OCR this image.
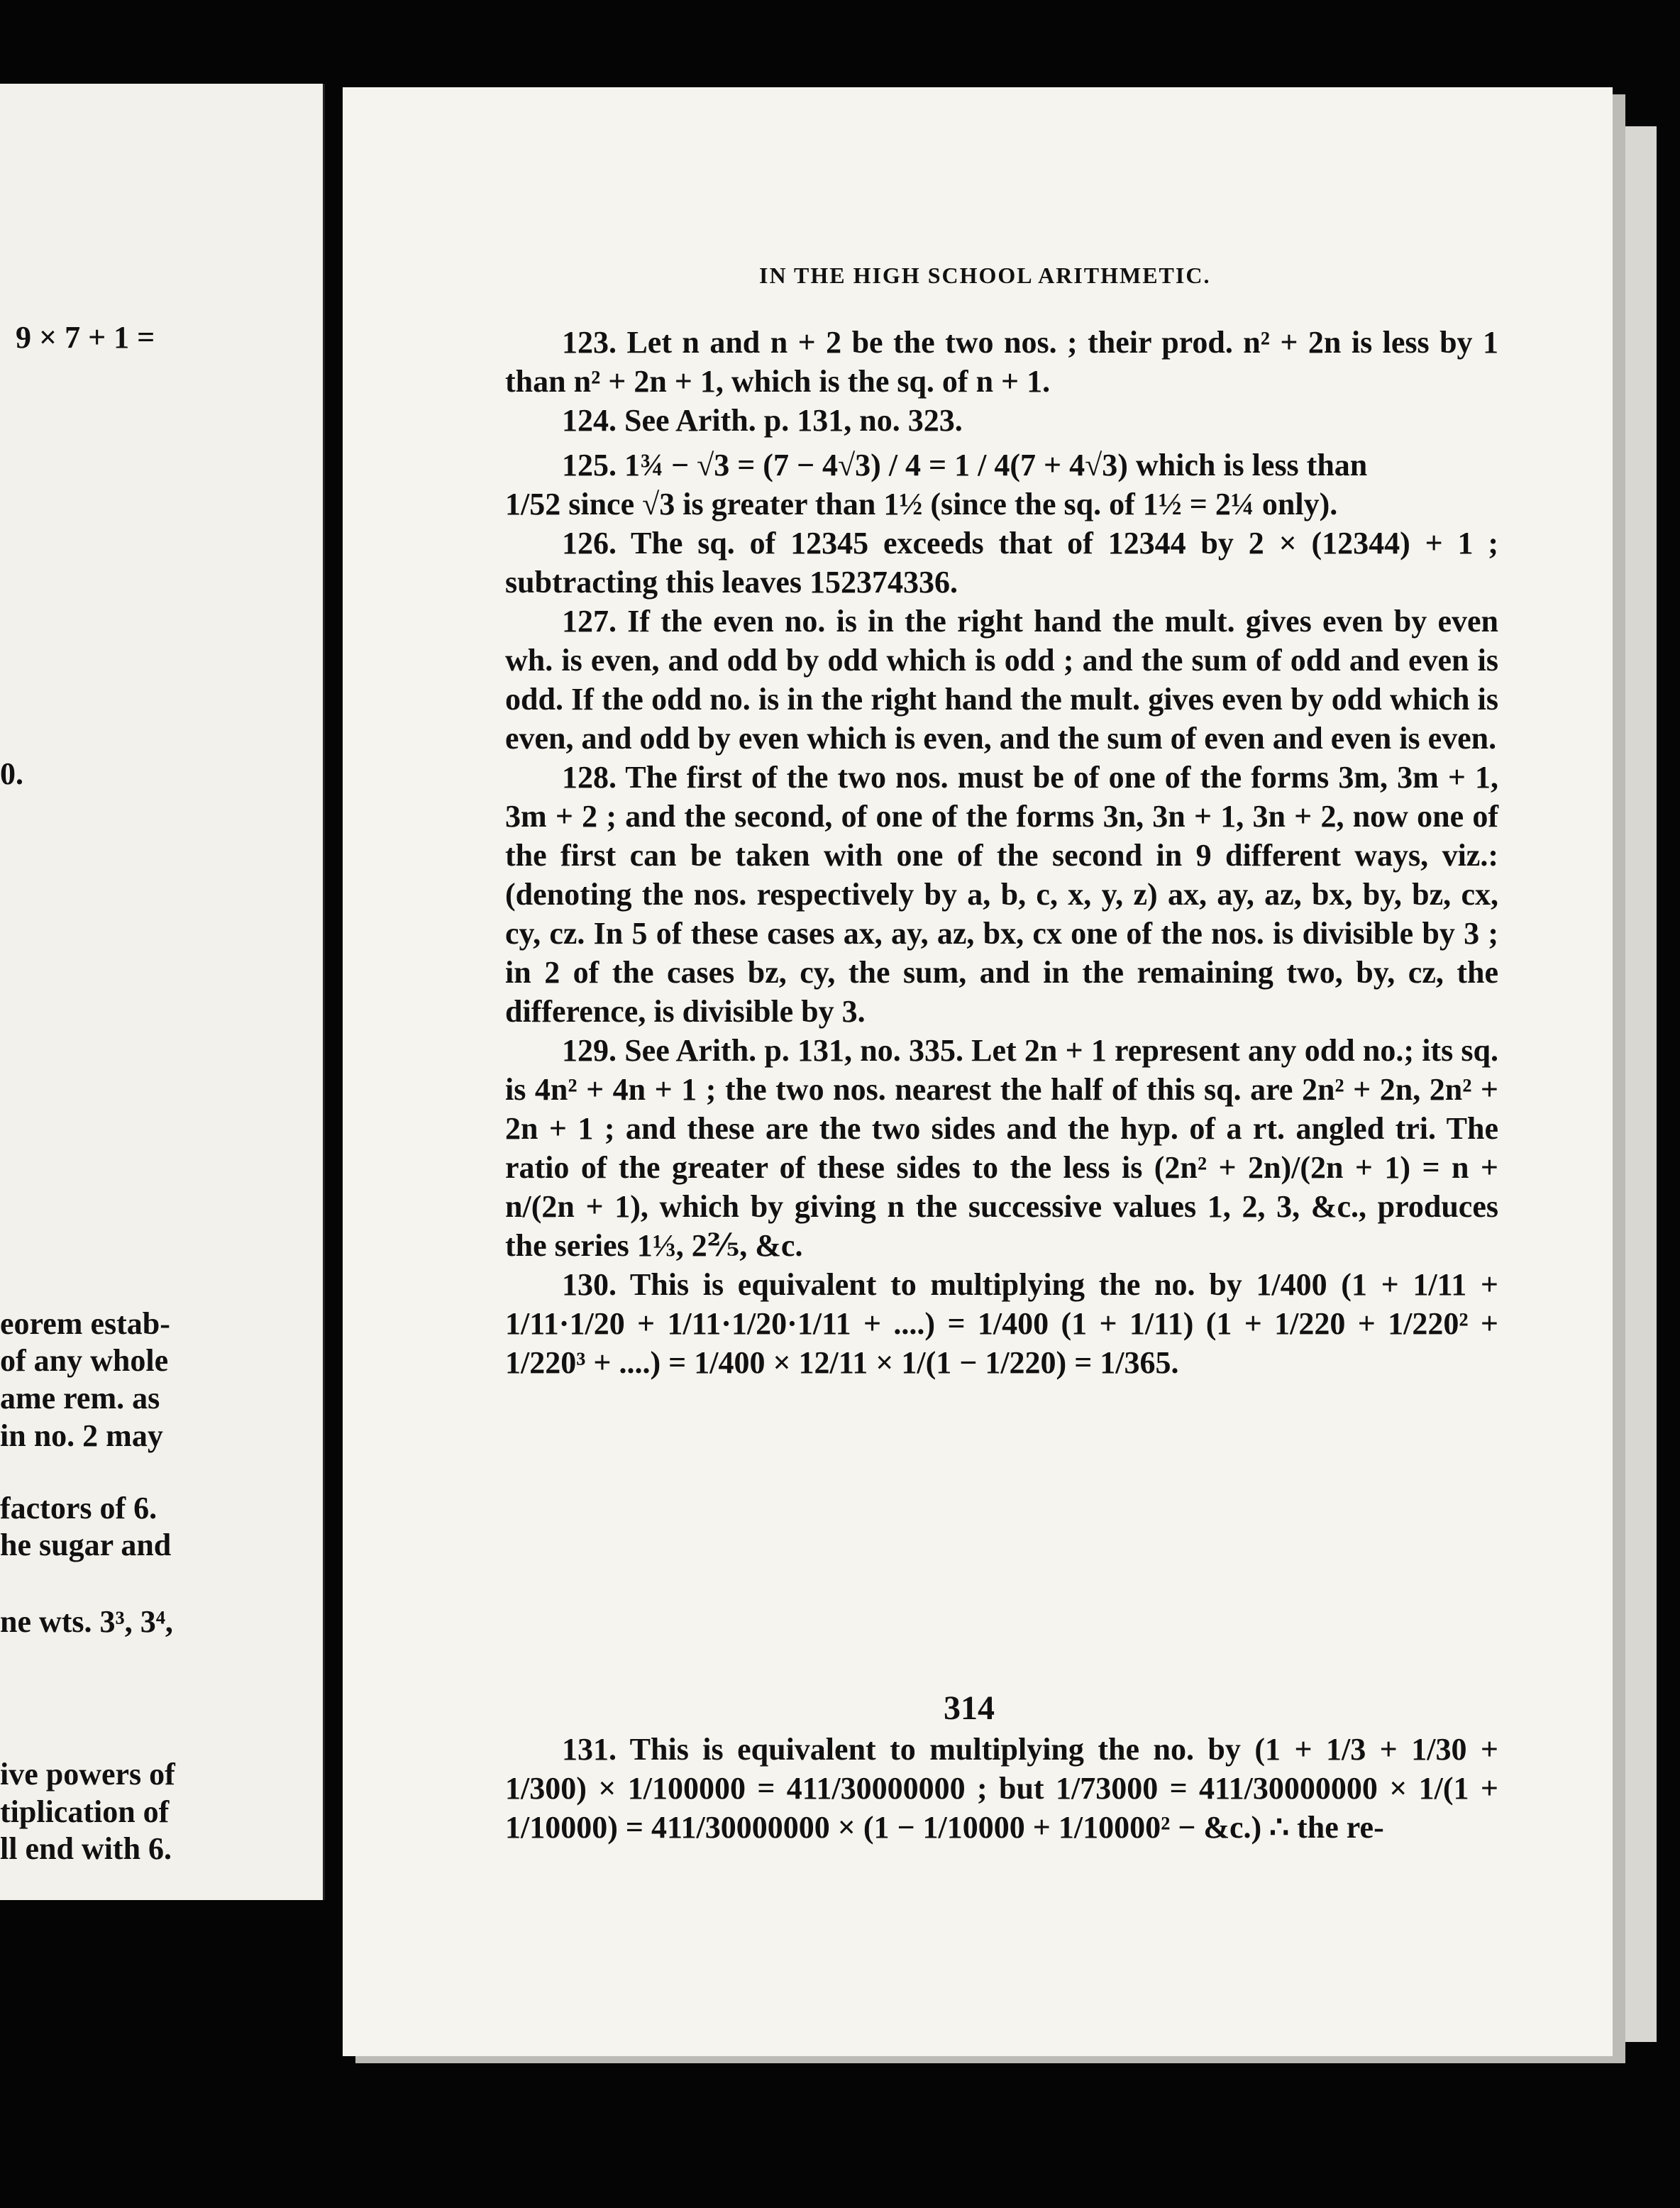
9 × 7 + 1 =
0.
eorem estab-
of any whole
ame rem. as
in no. 2 may
factors of 6.
he sugar and
ne wts. 3³, 3⁴,
ive powers of
tiplication of
ll end with 6.
IN THE HIGH SCHOOL ARITHMETIC.

123. Let n and n + 2 be the two nos. ; their prod. n² + 2n is less by 1 than n² + 2n + 1, which is the sq. of n + 1.

124. See Arith. p. 131, no. 323.

125. 1¾ − √3 = (7 − 4√3) / 4 = 1 / 4(7 + 4√3) which is less than

1/52 since √3 is greater than 1½ (since the sq. of 1½ = 2¼ only).

126. The sq. of 12345 exceeds that of 12344 by 2 × (12344) + 1 ; subtracting this leaves 152374336.

127. If the even no. is in the right hand the mult. gives even by even wh. is even, and odd by odd which is odd ; and the sum of odd and even is odd. If the odd no. is in the right hand the mult. gives even by odd which is even, and odd by even which is even, and the sum of even and even is even.

128. The first of the two nos. must be of one of the forms 3m, 3m + 1, 3m + 2 ; and the second, of one of the forms 3n, 3n + 1, 3n + 2, now one of the first can be taken with one of the second in 9 different ways, viz.: (denoting the nos. respectively by a, b, c, x, y, z) ax, ay, az, bx, by, bz, cx, cy, cz. In 5 of these cases ax, ay, az, bx, cx one of the nos. is divisible by 3 ; in 2 of the cases bz, cy, the sum, and in the remaining two, by, cz, the difference, is divisible by 3.

129. See Arith. p. 131, no. 335. Let 2n + 1 represent any odd no.; its sq. is 4n² + 4n + 1 ; the two nos. nearest the half of this sq. are 2n² + 2n, 2n² + 2n + 1 ; and these are the two sides and the hyp. of a rt. angled tri. The ratio of the greater of these sides to the less is (2n² + 2n)/(2n + 1) = n + n/(2n + 1), which by giving n the successive values 1, 2, 3, &c., produces the series 1⅓, 2⅖, &c.

130. This is equivalent to multiplying the no. by 1/400 (1 + 1/11 + 1/11·1/20 + 1/11·1/20·1/11 + ....) = 1/400 (1 + 1/11) (1 + 1/220 + 1/220² + 1/220³ + ....) = 1/400 × 12/11 × 1/(1 − 1/220) = 1/365.

314

131. This is equivalent to multiplying the no. by (1 + 1/3 + 1/30 + 1/300) × 1/100000 = 411/30000000 ; but 1/73000 = 411/30000000 × 1/(1 + 1/10000) = 411/30000000 × (1 − 1/10000 + 1/10000² − &c.) ∴ the re-
